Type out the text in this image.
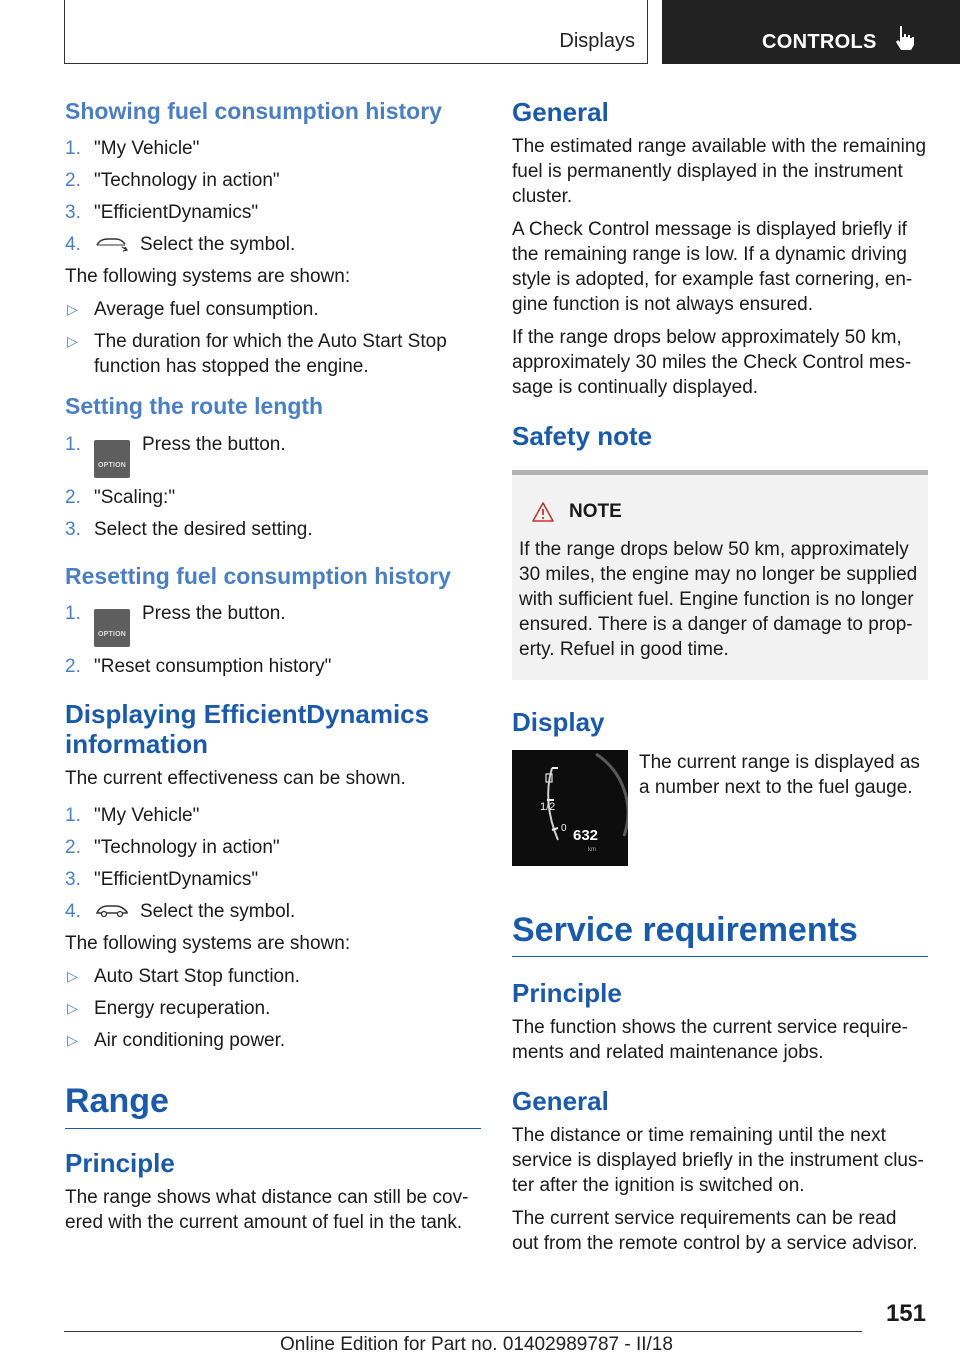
Displays	CONTROLS
Showing fuel consumption history
1. "My Vehicle"
2. "Technology in action"
3. "EfficientDynamics"
4.	Select the symbol.

The following systems are shown:

▷ Average fuel consumption.
▷ The duration for which the Auto Start Stop function has stopped the engine.
Setting the route length
1.
OPTION
Press the button.
2. "Scaling:"
3. Select the desired setting.
Resetting fuel consumption history
1.
OPTION
Press the button.
2. "Reset consumption history"
Displaying EfficientDynamics information

The current effectiveness can be shown.

1. "My Vehicle"
2. "Technology in action"
3. "EfficientDynamics"
4.	Select the symbol.

The following systems are shown:

▷ Auto Start Stop function.
▷ Energy recuperation.
▷ Air conditioning power.
Range
Principle

The range shows what distance can still be cov-ered with the current amount of fuel in the tank.

General

The estimated range available with the remaining fuel is permanently displayed in the instrument cluster.

A Check Control message is displayed briefly if the remaining range is low. If a dynamic driving style is adopted, for example fast cornering, en-gine function is not always ensured.

If the range drops below approximately 50 km, approximately 30 miles the Check Control mes-sage is continually displayed.

Safety note
NOTE

If the range drops below 50 km, approximately 30 miles, the engine may no longer be supplied with sufficient fuel. Engine function is no longer ensured. There is a danger of damage to prop-erty. Refuel in good time.

Display
1/2
0 632
km

The current range is displayed as a number next to the fuel gauge.

Service requirements
Principle

The function shows the current service require-ments and related maintenance jobs.

General

The distance or time remaining until the next service is displayed briefly in the instrument clus-ter after the ignition is switched on.

The current service requirements can be read out from the remote control by a service advisor.

151
Online Edition for Part no. 01402989787 - II/18
